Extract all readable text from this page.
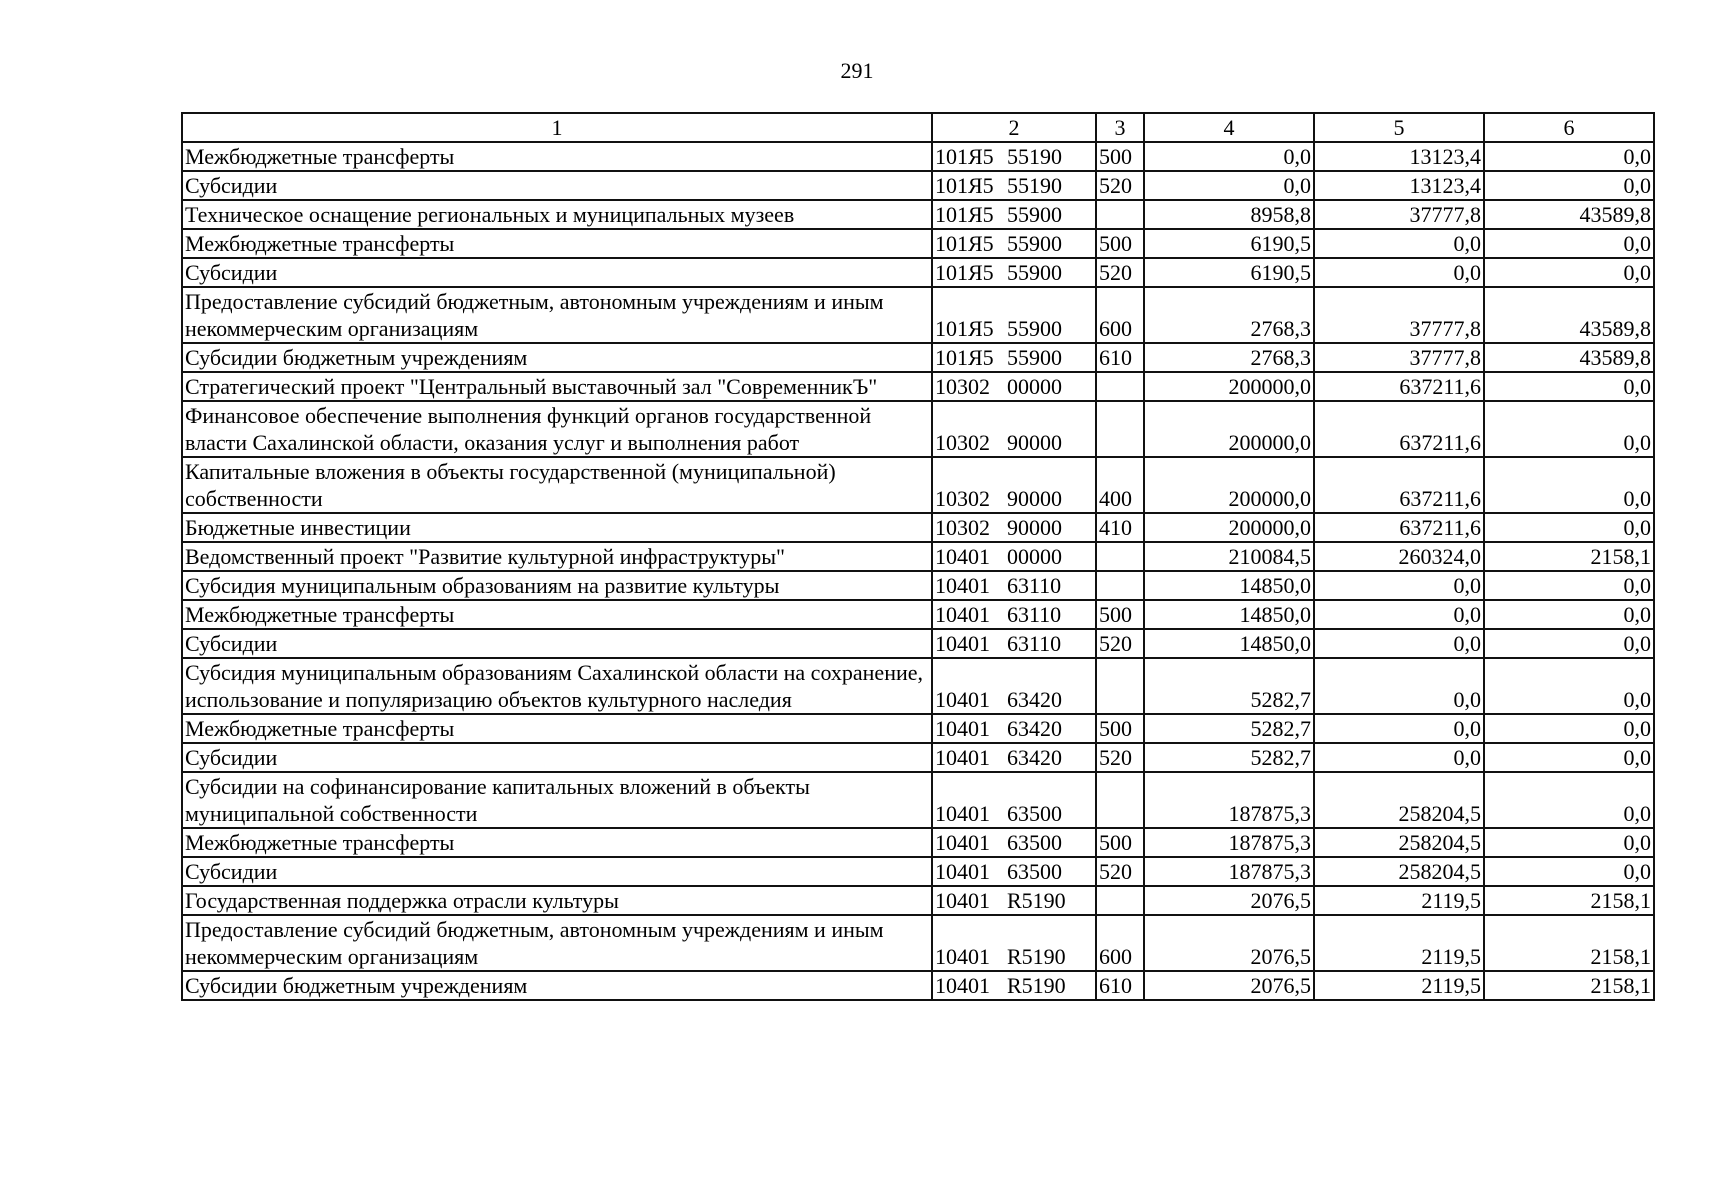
291
1	2	3	4	5	6
Межбюджетные трансферты	101Я5 55190	500	0,0	13123,4	0,0
Субсидии	101Я5 55190	520	0,0	13123,4	0,0
Техническое оснащение региональных и муниципальных музеев	101Я5 55900		8958,8	37777,8	43589,8
Межбюджетные трансферты	101Я5 55900	500	6190,5	0,0	0,0
Субсидии	101Я5 55900	520	6190,5	0,0	0,0
Предоставление субсидий бюджетным, автономным учреждениям и иным некоммерческим организациям	101Я5 55900	600	2768,3	37777,8	43589,8
Субсидии бюджетным учреждениям	101Я5 55900	610	2768,3	37777,8	43589,8
Стратегический проект "Центральный выставочный зал "СовременникЪ"	10302 00000		200000,0	637211,6	0,0
Финансовое обеспечение выполнения функций органов государственной власти Сахалинской области, оказания услуг и выполнения работ	10302 90000		200000,0	637211,6	0,0
Капитальные вложения в объекты государственной (муниципальной) собственности	10302 90000	400	200000,0	637211,6	0,0
Бюджетные инвестиции	10302 90000	410	200000,0	637211,6	0,0
Ведомственный проект "Развитие культурной инфраструктуры"	10401 00000		210084,5	260324,0	2158,1
Субсидия муниципальным образованиям на развитие культуры	10401 63110		14850,0	0,0	0,0
Межбюджетные трансферты	10401 63110	500	14850,0	0,0	0,0
Субсидии	10401 63110	520	14850,0	0,0	0,0
Субсидия муниципальным образованиям Сахалинской области на сохранение, использование и популяризацию объектов культурного наследия	10401 63420		5282,7	0,0	0,0
Межбюджетные трансферты	10401 63420	500	5282,7	0,0	0,0
Субсидии	10401 63420	520	5282,7	0,0	0,0
Субсидии на софинансирование капитальных вложений в объекты муниципальной собственности	10401 63500		187875,3	258204,5	0,0
Межбюджетные трансферты	10401 63500	500	187875,3	258204,5	0,0
Субсидии	10401 63500	520	187875,3	258204,5	0,0
Государственная поддержка отрасли культуры	10401 R5190		2076,5	2119,5	2158,1
Предоставление субсидий бюджетным, автономным учреждениям и иным некоммерческим организациям	10401 R5190	600	2076,5	2119,5	2158,1
Субсидии бюджетным учреждениям	10401 R5190	610	2076,5	2119,5	2158,1
